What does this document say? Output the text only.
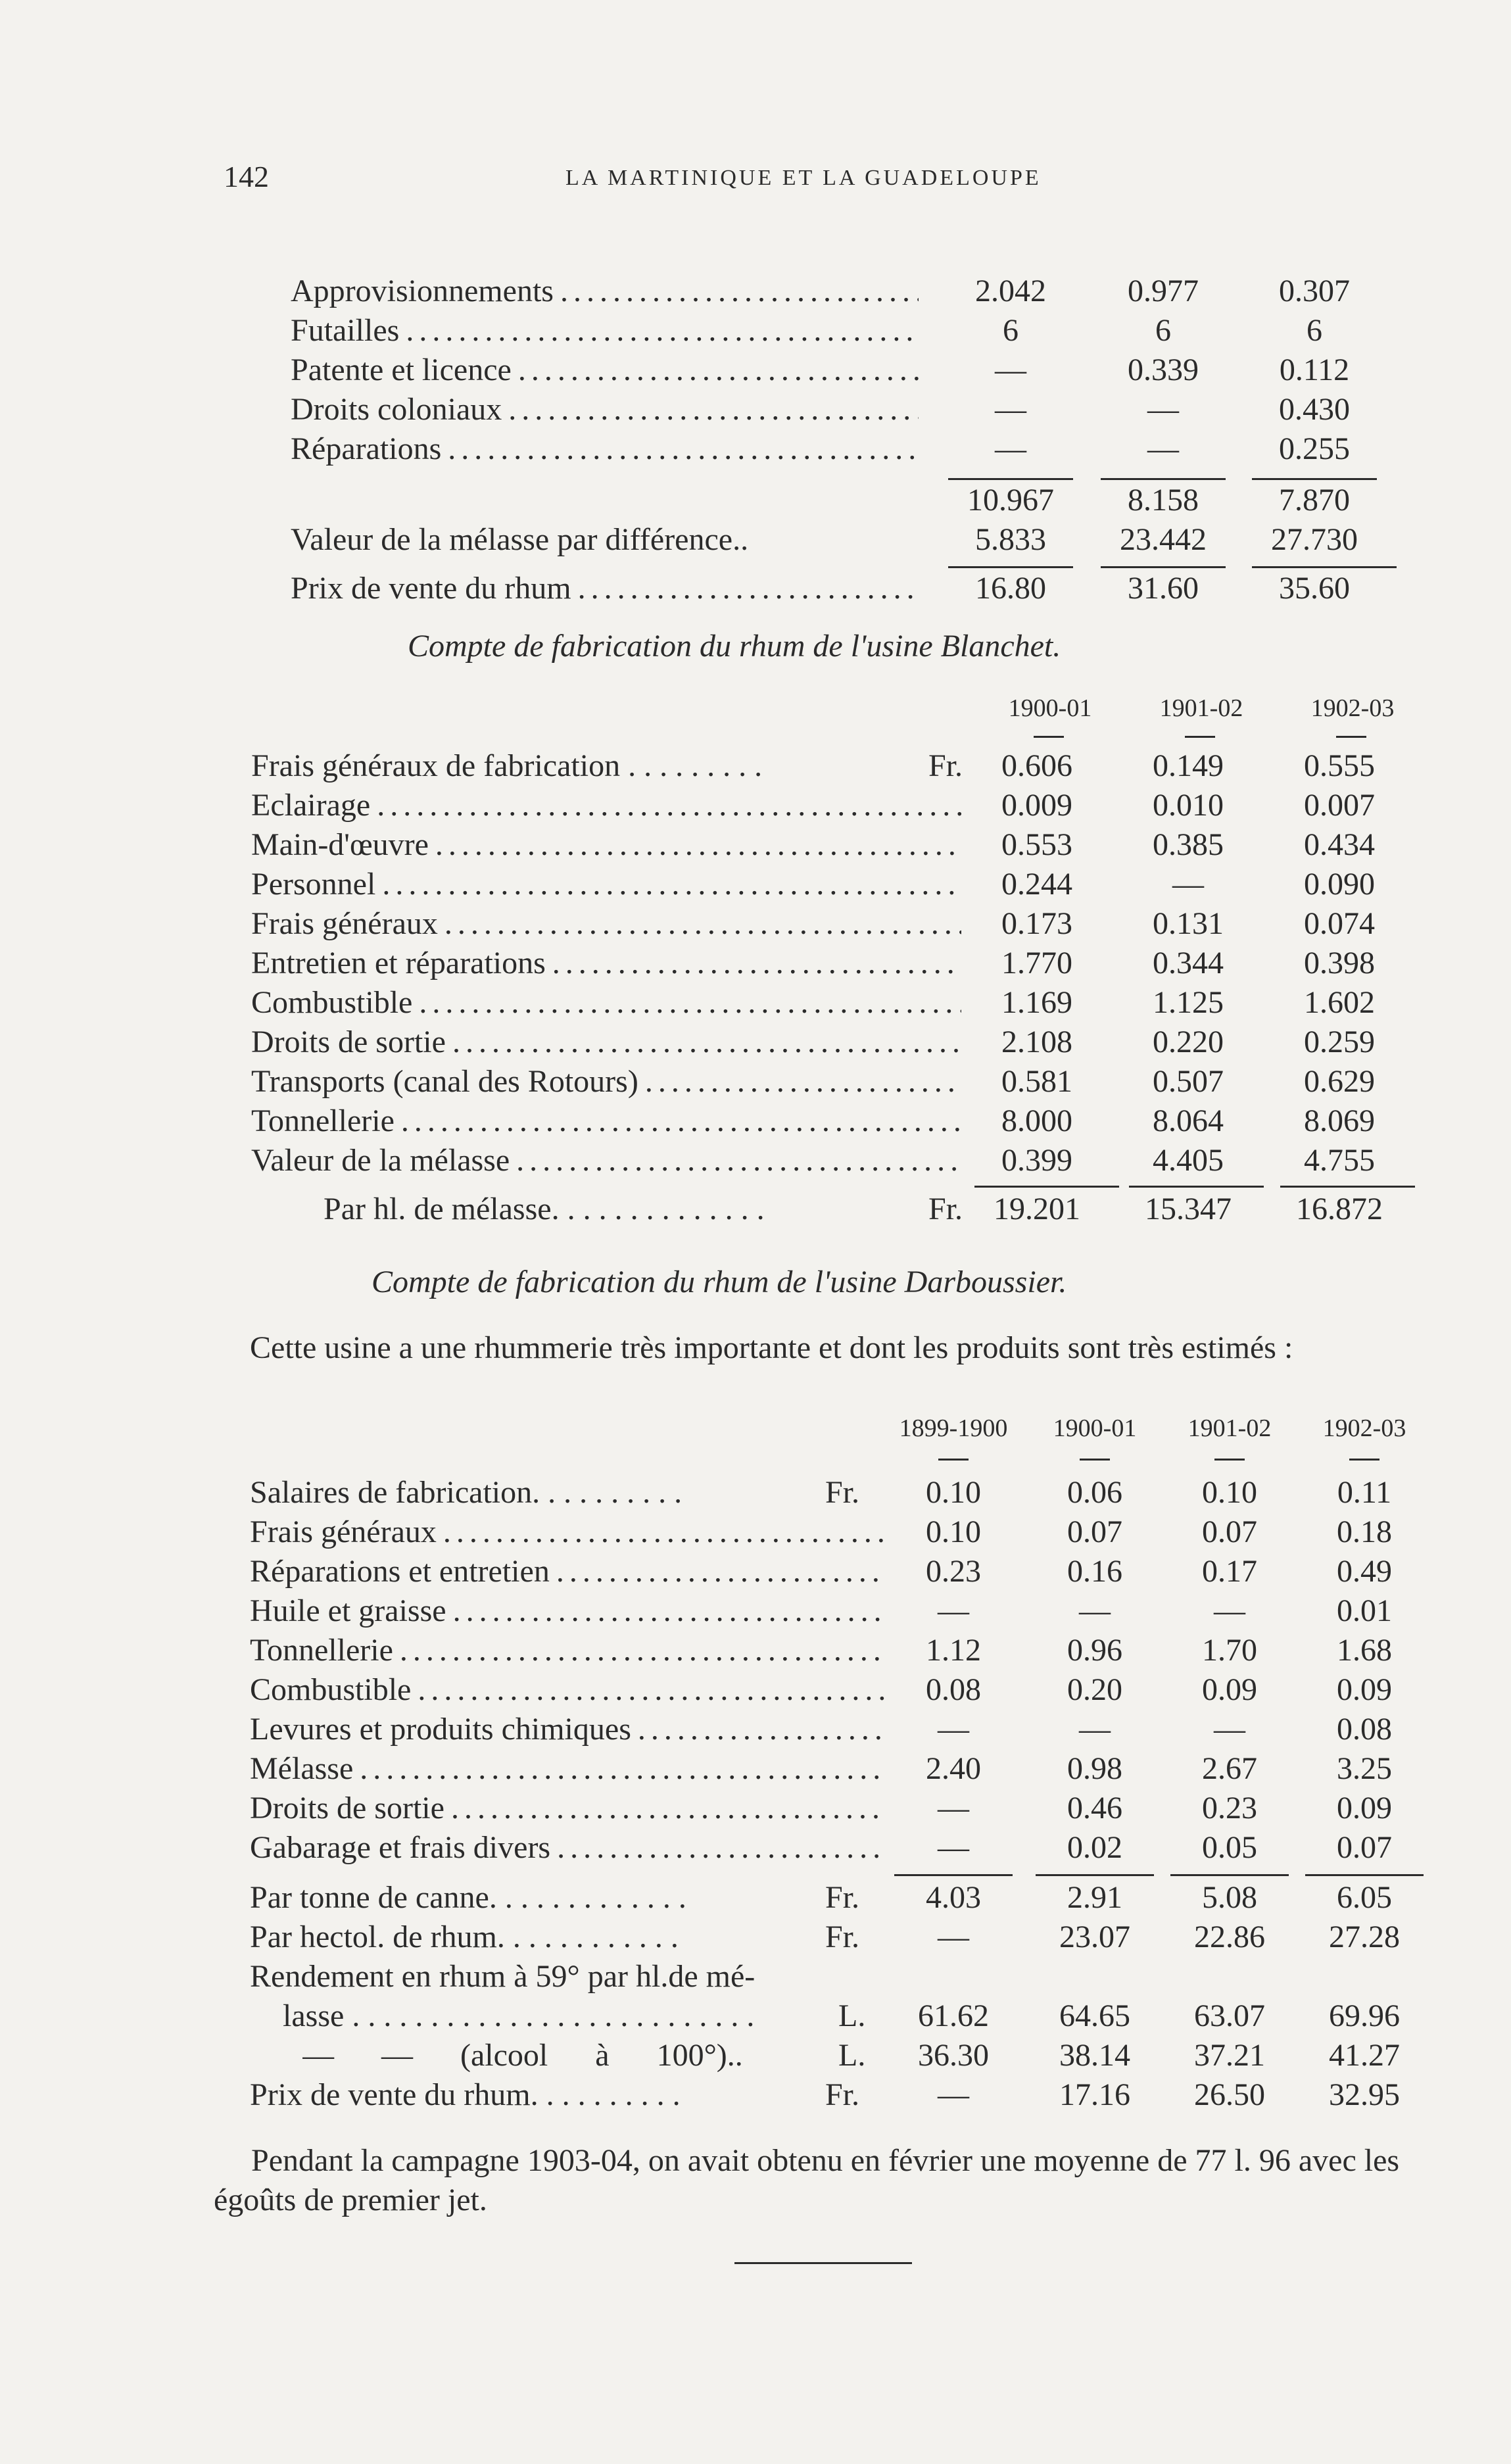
142	LA MARTINIQUE ET LA GUADELOUPE
Approvisionnements . . .	2.042	0.977	0.307
Futailles . . .	6	6	6
Patente et licence . . .	—	0.339	0.112
Droits coloniaux . . .	—	—	0.430
Réparations . . .	—	—	0.255
10.967	8.158	7.870
Valeur de la mélasse par différence..	5.833	23.442	27.730
Prix de vente du rhum . . .	16.80	31.60	35.60
Compte de fabrication du rhum de l'usine Blanchet.
1900-01	1901-02	1902-03
Frais généraux de fabrication . . . . . . . . .	Fr.	0.606	0.149	0.555
Eclairage . . .	0.009	0.010	0.007
Main-d'œuvre . . .	0.553	0.385	0.434
Personnel . . .	0.244	—	0.090
Frais généraux . . .	0.173	0.131	0.074
Entretien et réparations . . .	1.770	0.344	0.398
Combustible . . .	1.169	1.125	1.602
Droits de sortie . . .	2.108	0.220	0.259
Transports (canal des Rotours) . . .	0.581	0.507	0.629
Tonnellerie . . .	8.000	8.064	8.069
Valeur de la mélasse . . .	0.399	4.405	4.755
Par hl. de mélasse. . . . . . . . . . . . . .	Fr. 19.201	15.347	16.872
Compte de fabrication du rhum de l'usine Darboussier.
Cette usine a une rhummerie très importante et dont les produits sont très estimés :
1899-1900	1900-01	1901-02	1902-03
Salaires de fabrication. . . . . . . . . .	Fr.	0.10	0.06	0.10	0.11
Frais généraux . . .	0.10	0.07	0.07	0.18
Réparations et entretien . . .	0.23	0.16	0.17	0.49
Huile et graisse . . .	—	—	—	0.01
Tonnellerie . . .	1.12	0.96	1.70	1.68
Combustible . . .	0.08	0.20	0.09	0.09
Levures et produits chimiques . . .	—	—	—	0.08
Mélasse . . .	2.40	0.98	2.67	3.25
Droits de sortie . . .	—	0.46	0.23	0.09
Gabarage et frais divers . . .	—	0.02	0.05	0.07
Par tonne de canne. . . . . . . . . . . . .	Fr.	4.03	2.91	5.08	6.05
Par hectol. de rhum. . . . . . . . . . . .	Fr.	—	23.07	22.86	27.28
Rendement en rhum à 59° par hl.de mé-
lasse . . . . . . . . . . . . . . . . . . . . . . . . . .	L.	61.62	64.65	63.07	69.96
— — (alcool à 100°)..	L.	36.30	38.14	37.21	41.27
Prix de vente du rhum. . . . . . . . . .	Fr.	—	17.16	26.50	32.95
Pendant la campagne 1903-04, on avait obtenu en février une moyenne de 77 l. 96 avec les égoûts de premier jet.
